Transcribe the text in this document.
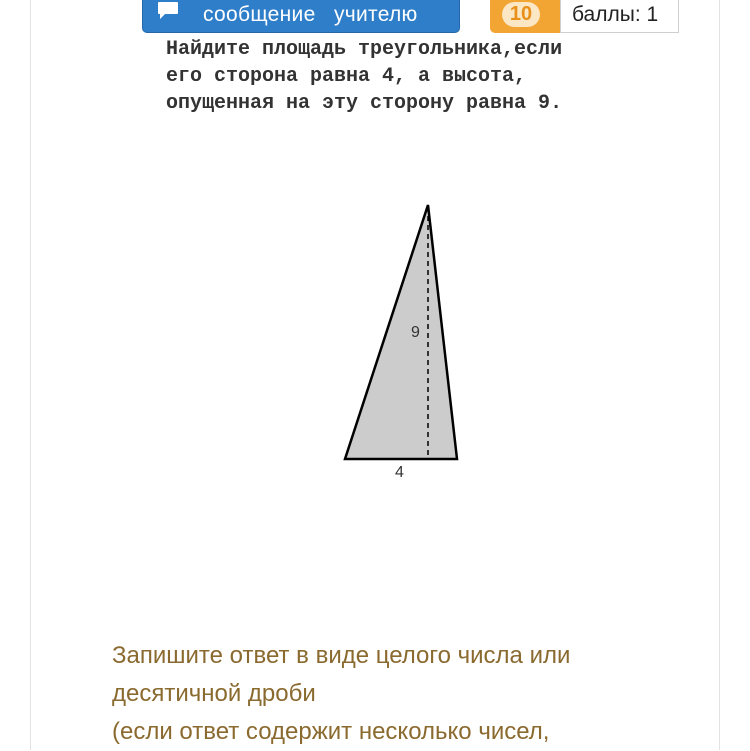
сообщение   учителю	10	баллы: 1
Найдите площадь треугольника,если
его сторона равна 4, а высота,
опущенная на эту сторону равна 9.
9
4
Запишите ответ в виде целого числа или
десятичной дроби
(если ответ содержит несколько чисел,
